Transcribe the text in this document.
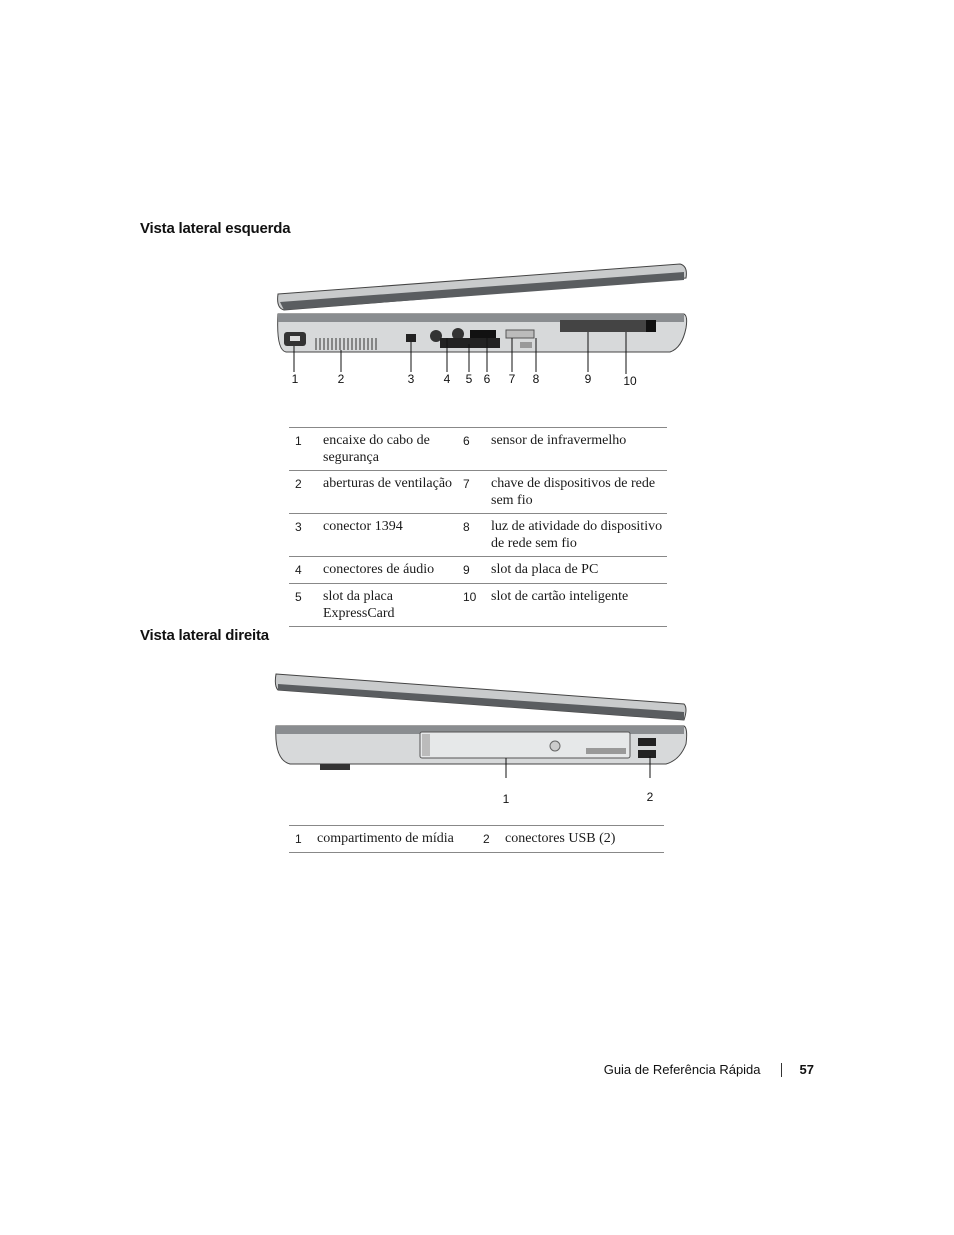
Vista lateral esquerda
1	2	3 4 5 6 7 8	9	10
1	encaixe do cabo de segurança	6	sensor de infravermelho
2	aberturas de ventilação	7	chave de dispositivos de rede sem fio
3	conector 1394	8	luz de atividade do dispositivo de rede sem fio
4	conectores de áudio	9	slot da placa de PC
5	slot da placa ExpressCard	10	slot de cartão inteligente
Vista lateral direita
1	2
1	compartimento de mídia	2	conectores USB (2)
Guia de Referência Rápida	57
